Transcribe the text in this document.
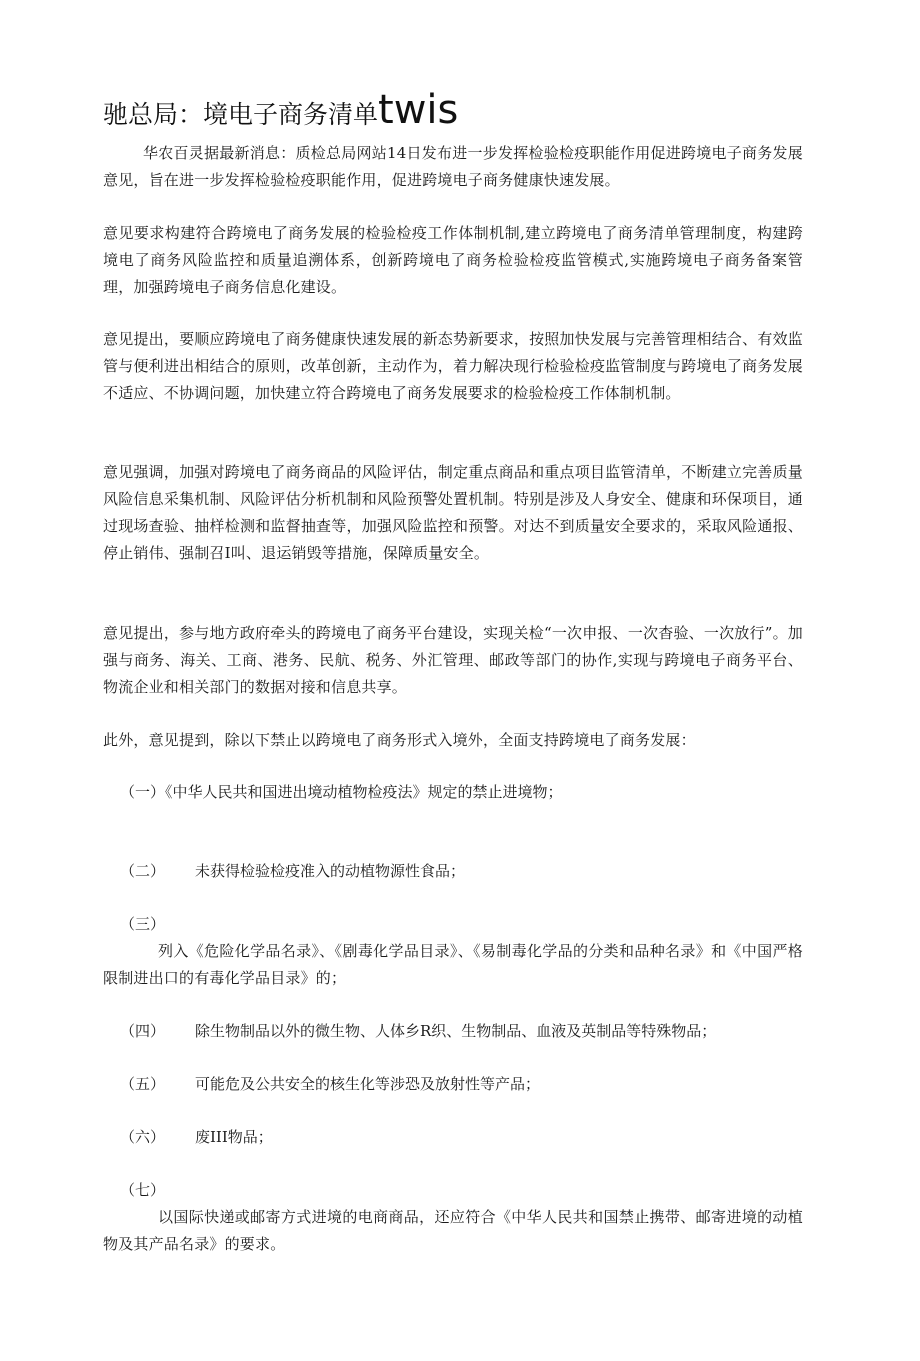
驰总局：境电子商务清单twis
华农百灵据最新消息：质检总局网站14日发布进一步发挥检验检疫职能作用促进跨境电子商务发展意见，旨在进一步发挥检验检疫职能作用，促进跨境电子商务健康快速发展。
意见要求构建符合跨境电了商务发展的检验检疫工作体制机制,建立跨境电了商务清单管理制度，构建跨境电了商务风险监控和质量追溯体系，创新跨境电了商务检验检疫监管模式,实施跨境电子商务备案管理，加强跨境电子商务信息化建设。
意见提出，要顺应跨境电了商务健康快速发展的新态势新要求，按照加快发展与完善管理相结合、有效监管与便利进出相结合的原则，改革创新，主动作为，着力解决现行检验检疫监管制度与跨境电了商务发展不适应、不协调问题，加快建立符合跨境电了商务发展要求的检验检疫工作体制机制。
意见强调，加强对跨境电了商务商品的风险评估，制定重点商品和重点项目监管清单，不断建立完善质量风险信息采集机制、风险评估分析机制和风险预警处置机制。特别是涉及人身安全、健康和环保项目，通过现场查验、抽样检测和监督抽查等，加强风险监控和预警。对达不到质量安全要求的，采取风险通报、停止销伟、强制召I叫、退运销毁等措施，保障质量安全。
意见提出，参与地方政府牵头的跨境电了商务平台建设，实现关检“一次申报、一次杳验、一次放行”。加强与商务、海关、工商、港务、民航、税务、外汇管理、邮政等部门的协作,实现与跨境电子商务平台、物流企业和相关部门的数据对接和信息共享。
此外，意见提到，除以下禁止以跨境电了商务形式入境外，全面支持跨境电了商务发展：
（一）《中华人民共和国进出境动植物检疫法》规定的禁止进境物；
（二） 未获得检验检疫准入的动植物源性食品；
（三）
列入《危险化学品名录》、《剧毒化学品目录》、《易制毒化学品的分类和品种名录》和《中国严格限制进出口的有毒化学品目录》的；
（四） 除生物制品以外的微生物、人体乡R织、生物制品、血液及英制品等特殊物品；
（五） 可能危及公共安全的核生化等涉恐及放射性等产品；
（六） 废III物品；
（七）
以国际快递或邮寄方式进境的电商商品，还应符合《中华人民共和国禁止携带、邮寄进境的动植物及其产品名录》的要求。
